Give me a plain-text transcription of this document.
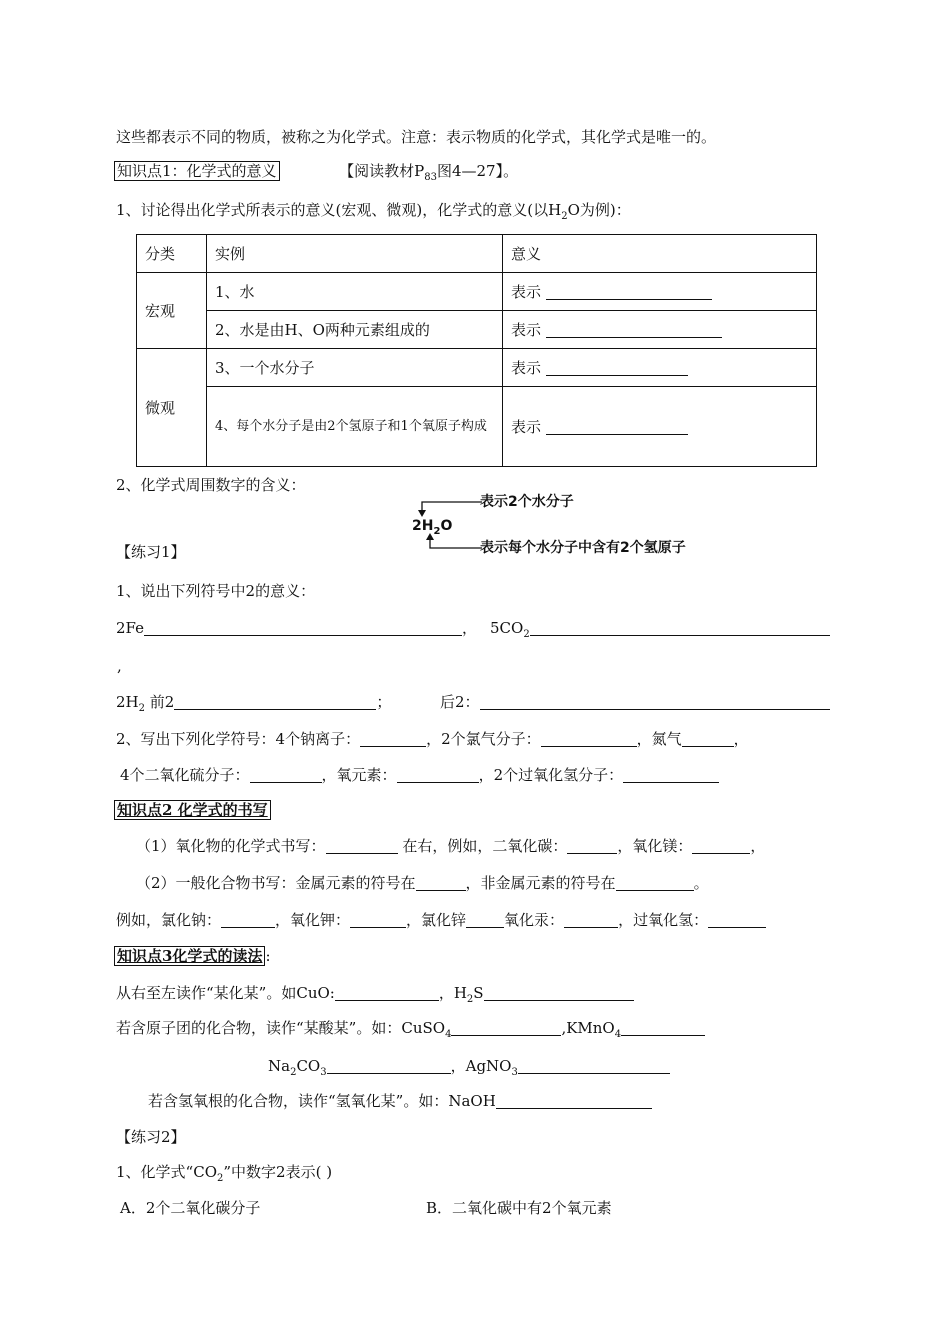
这些都表示不同的物质，被称之为化学式。注意：表示物质的化学式，其化学式是唯一的。
知识点1：化学式的意义	【阅读教材$P_{83}$图4—27】。
1、讨论得出化学式所表示的意义(宏观、微观)，化学式的意义(以$H_2O$为例)：
分类	实例	意义
宏观	1、水	表示
	2、水是由H、O两种元素组成的	表示
微观	3、一个水分子	表示
	4、每个水分子是由2个氢原子和1个氧原子构成	表示
2、化学式周围数字的含义：
$2H_2O$
表示2个水分子
表示每个水分子中含有2个氢原子
【练习1】
1、说出下列符号中2的意义：
2Fe	， $5CO_2$
,
$2H_2$ 前2	；	后2：
2、写出下列化学符号：4个钠离子：	，2个氯气分子：	，氮气	，
4个二氧化硫分子：	，氧元素：	，2个过氧化氢分子：
知识点2 化学式的书写
（1）氧化物的化学式书写：	在右，例如，二氧化碳：	，氧化镁：	，
（2）一般化合物书写：金属元素的符号在	，非金属元素的符号在	。
例如，氯化钠：	，氧化钾：	，氯化锌	氧化汞：	，过氧化氢：
知识点3化学式的读法 :
从右至左读作“某化某”。如CuO:	，$H_2S$
若含原子团的化合物，读作“某酸某”。如：CuSO$_4$	,KMnO$_4$
$Na_2CO_3$	，AgNO$_3$
若含氢氧根的化合物，读作“氢氧化某”。如：NaOH
【练习2】
1、化学式“$CO_2$”中数字2表示( )
A．2个二氧化碳分子	B．二氧化碳中有2个氧元素
